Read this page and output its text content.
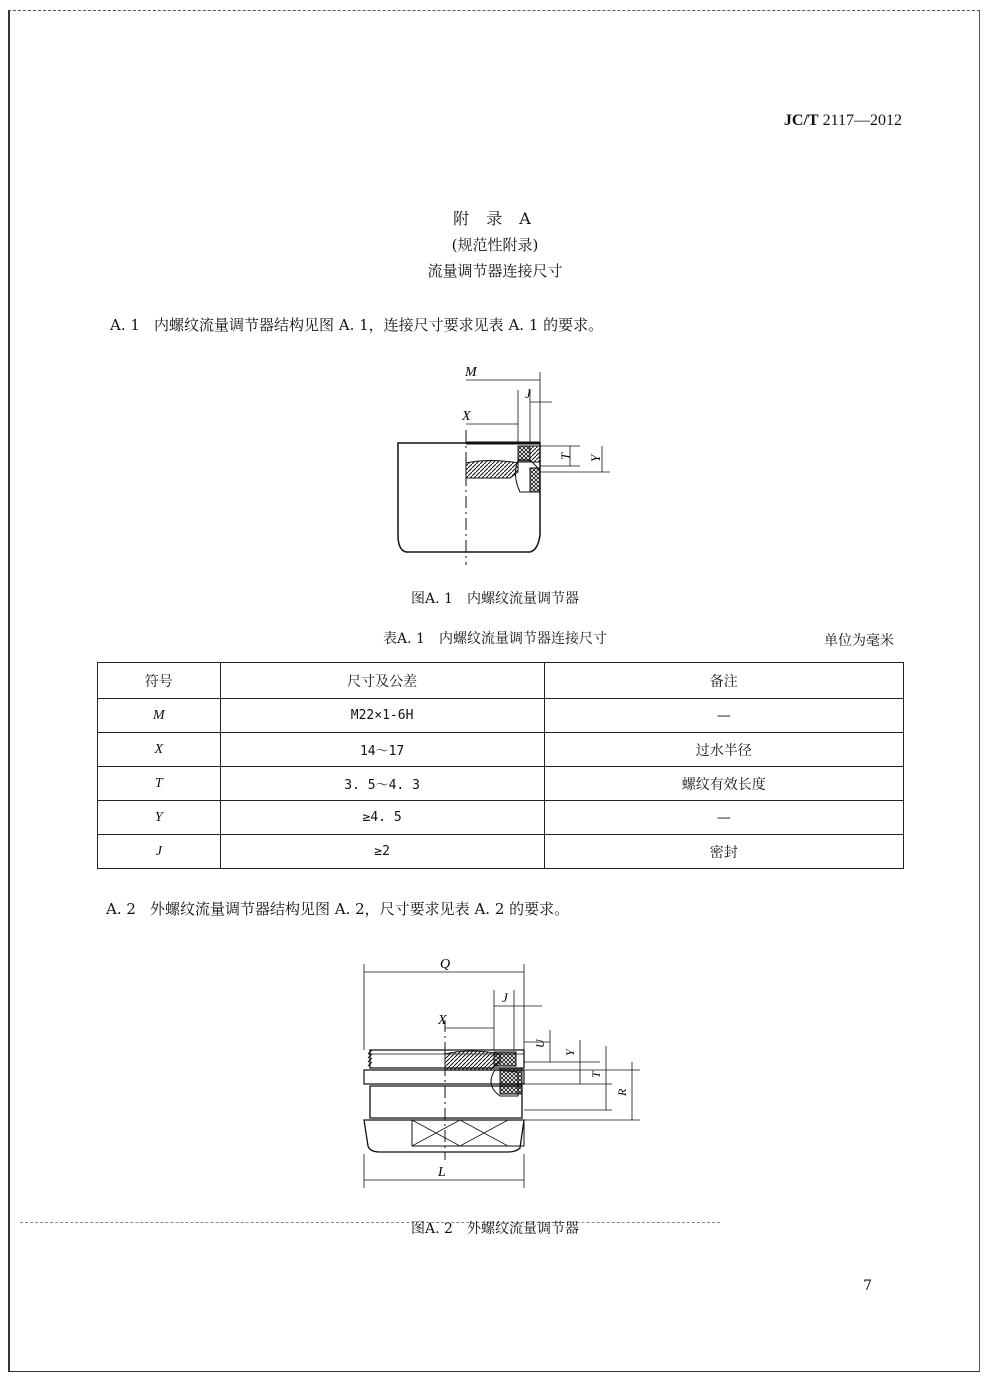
JC/T 2117—2012
附 录 A
(规范性附录)
流量调节器连接尺寸
A. 1 内螺纹流量调节器结构见图 A. 1，连接尺寸要求见表 A. 1 的要求。
M
X
J
T Y
图A. 1　内螺纹流量调节器
表A. 1　内螺纹流量调节器连接尺寸	单位为毫米
符号	尺寸及公差	备注
M	M22×1-6H	—
X	14～17	过水半径
T	3. 5～4. 3	螺纹有效长度
Y	≥4. 5	—
J	≥2	密封
A. 2 外螺纹流量调节器结构见图 A. 2，尺寸要求见表 A. 2 的要求。
Q
J
X
U
Y
T
R
L
图A. 2　外螺纹流量调节器
7
